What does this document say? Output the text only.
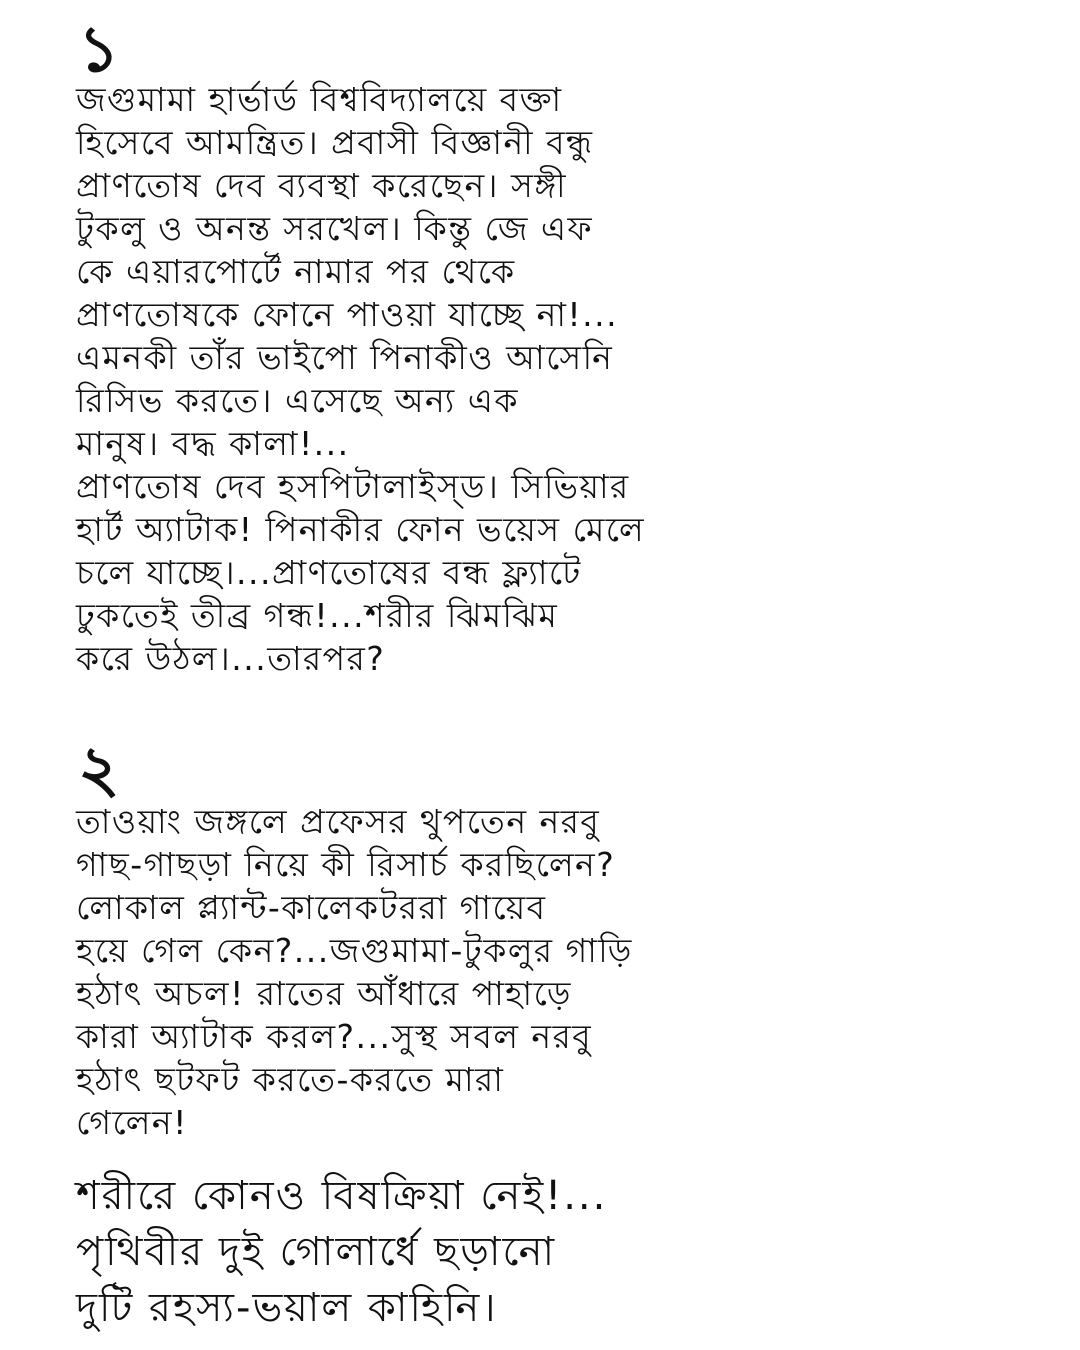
১
জগুমামা হার্ভার্ড বিশ্ববিদ্যালয়ে বক্তা
হিসেবে আমন্ত্রিত। প্রবাসী বিজ্ঞানী বন্ধু
প্রাণতোষ দেব ব্যবস্থা করেছেন। সঙ্গী
টুকলু ও অনন্ত সরখেল। কিন্তু জে এফ
কে এয়ারপোর্টে নামার পর থেকে
প্রাণতোষকে ফোনে পাওয়া যাচ্ছে না!...
এমনকী তাঁর ভাইপো পিনাকীও আসেনি
রিসিভ করতে। এসেছে অন্য এক
মানুষ। বদ্ধ কালা!...
প্রাণতোষ দেব হসপিটালাইস্ড। সিভিয়ার
হার্ট অ্যাটাক! পিনাকীর ফোন ভয়েস মেলে
চলে যাচ্ছে।...প্রাণতোষের বন্ধ ফ্ল্যাটে
ঢুকতেই তীব্র গন্ধ!...শরীর ঝিমঝিম
করে উঠল।...তারপর?
২
তাওয়াং জঙ্গলে প্রফেসর থুপতেন নরবু
গাছ-গাছড়া নিয়ে কী রিসার্চ করছিলেন?
লোকাল প্ল্যান্ট-কালেকটররা গায়েব
হয়ে গেল কেন?...জগুমামা-টুকলুর গাড়ি
হঠাৎ অচল! রাতের আঁধারে পাহাড়ে
কারা অ্যাটাক করল?...সুস্থ সবল নরবু
হঠাৎ ছটফট করতে-করতে মারা
গেলেন!
শরীরে কোনও বিষক্রিয়া নেই!...
পৃথিবীর দুই গোলার্ধে ছড়ানো
দুটি রহস্য-ভয়াল কাহিনি।
